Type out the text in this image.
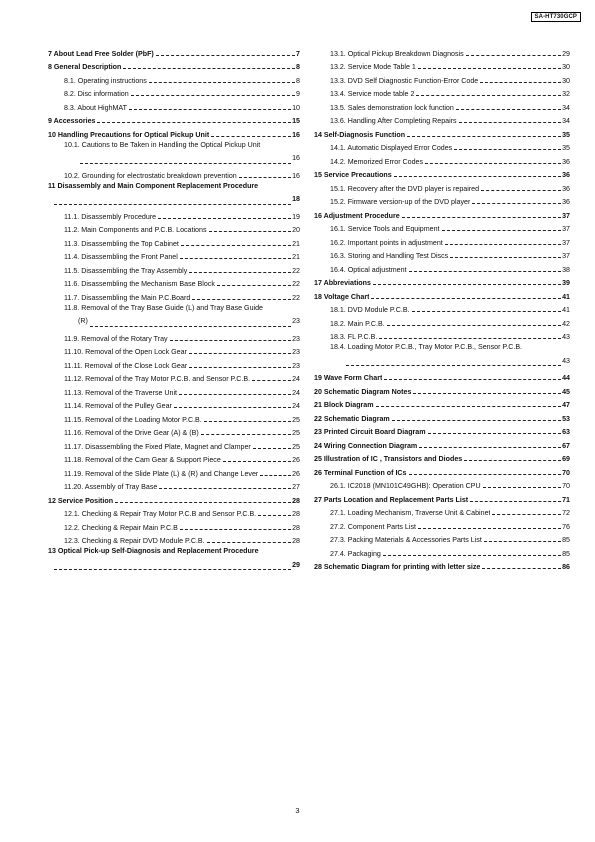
SA-HT730GCP
7 About Lead Free Solder (PbF)	7
8 General Description	8
8.1. Operating instructions	8
8.2. Disc information	9
8.3. About HighMAT	10
9 Accessories	15
10 Handling Precautions for Optical Pickup Unit	16
10.1. Cautions to Be Taken in Handling the Optical Pickup Unit
16
10.2. Grounding for electrostatic breakdown prevention	16
11 Disassembly and Main Component Replacement Procedure
18
11.1. Disassembly Procedure	19
11.2. Main Components and P.C.B. Locations	20
11.3. Disassembling the Top Cabinet	21
11.4. Disassembling the Front Panel	21
11.5. Disassembling the Tray Assembly	22
11.6. Disassembling the Mechanism Base Block	22
11.7. Disassembling the Main P.C.Board	22
11.8. Removal of the Tray Base Guide (L) and Tray Base Guide
(R)	23
11.9. Removal of the Rotary Tray	23
11.10. Removal of the Open Lock Gear	23
11.11. Removal of the Close Lock Gear	23
11.12. Removal of the Tray Motor P.C.B. and Sensor P.C.B.	24
11.13. Removal of the Traverse Unit	24
11.14. Removal of the Pulley Gear	24
11.15. Removal of the Loading Motor P.C.B.	25
11.16. Removal of the Drive Gear (A) & (B)	25
11.17. Disassembling the Fixed Plate, Magnet and Clamper	25
11.18. Removal of the Cam Gear & Support Piece	26
11.19. Removal of the Slide Plate (L) & (R) and Change Lever	26
11.20. Assembly of Tray Base	27
12 Service Position	28
12.1. Checking & Repair Tray Motor P.C.B and Sensor P.C.B.	28
12.2. Checking & Repair Main P.C.B	28
12.3. Checking & Repair DVD Module P.C.B.	28
13 Optical Pick-up Self-Diagnosis and Replacement Procedure
29
13.1. Optical Pickup Breakdown Diagnosis	29
13.2. Service Mode Table 1	30
13.3. DVD Self Diagnostic Function-Error Code	30
13.4. Service mode table 2	32
13.5. Sales demonstration lock function	34
13.6. Handling After Completing Repairs	34
14 Self-Diagnosis Function	35
14.1. Automatic Displayed Error Codes	35
14.2. Memorized Error Codes	36
15 Service Precautions	36
15.1. Recovery after the DVD player is repaired	36
15.2. Firmware version-up of the DVD player	36
16 Adjustment Procedure	37
16.1. Service Tools and Equipment	37
16.2. Important points in adjustment	37
16.3. Storing and Handling Test Discs	37
16.4. Optical adjustment	38
17 Abbreviations	39
18 Voltage Chart	41
18.1. DVD Module P.C.B.	41
18.2. Main P.C.B.	42
18.3. FL P.C.B.	43
18.4. Loading Motor P.C.B., Tray Motor P.C.B., Sensor P.C.B.
43
19 Wave Form Chart	44
20 Schematic Diagram Notes	45
21 Block Diagram	47
22 Schematic Diagram	53
23 Printed Circuit Board Diagram	63
24 Wiring Connection Diagram	67
25 Illustration of IC , Transistors and Diodes	69
26 Terminal Function of ICs	70
26.1. IC2018 (MN101C49GHB): Operation CPU	70
27 Parts Location and Replacement Parts List	71
27.1. Loading Mechanism, Traverse Unit & Cabinet	72
27.2. Component Parts List	76
27.3. Packing Materials & Accessories Parts List	85
27.4. Packaging	85
28 Schematic Diagram for printing with letter size	86
3
